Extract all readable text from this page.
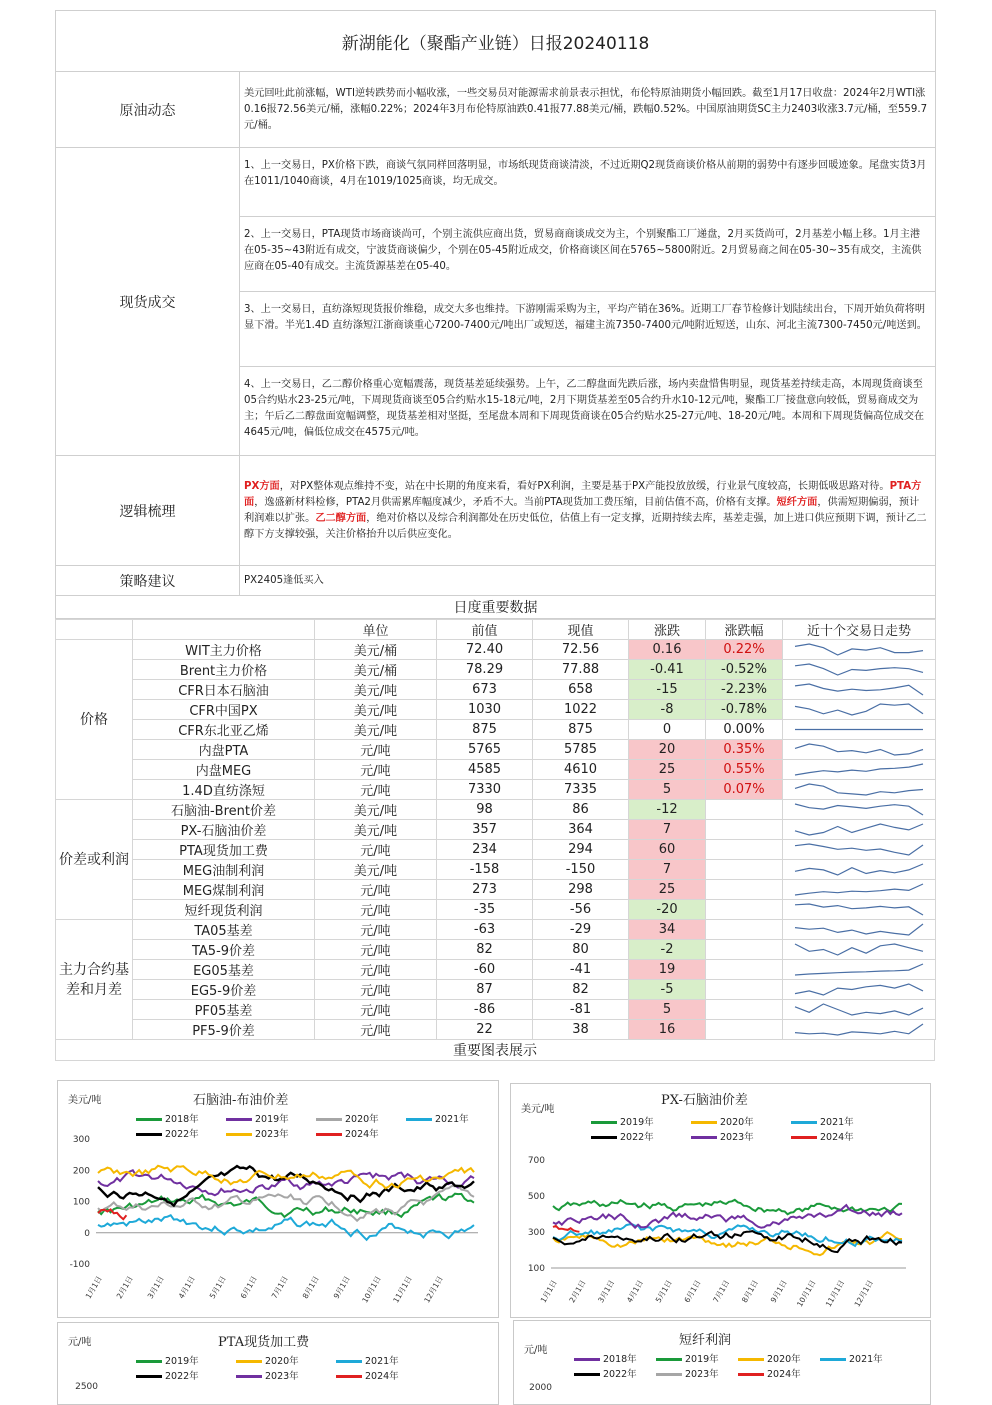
新湖能化（聚酯产业链）日报20240118	
原油动态	美元回吐此前涨幅，WTI逆转跌势而小幅收涨，一些交易员对能源需求前景表示担忧，布伦特原油期货小幅回跌。截至1月17日收盘：2024年2月WTI涨0.16报72.56美元/桶，涨幅0.22%；2024年3月布伦特原油跌0.41报77.88美元/桶，跌幅0.52%。中国原油期货SC主力2403收涨3.7元/桶，至559.7元/桶。
现货成交	1、上一交易日，PX价格下跌，商谈气氛同样回落明显，市场纸现货商谈清淡，不过近期Q2现货商谈价格从前期的弱势中有逐步回暖迹象。尾盘实货3月在1011/1040商谈，4月在1019/1025商谈，均无成交。
2、上一交易日，PTA现货市场商谈尚可，个别主流供应商出货，贸易商商谈成交为主，个别聚酯工厂递盘，2月买货尚可，2月基差小幅上移。1月主港在05-35~43附近有成交，宁波货商谈偏少，个别在05-45附近成交，价格商谈区间在5765~5800附近。2月贸易商之间在05-30~35有成交，主流供应商在05-40有成交。主流货源基差在05-40。
3、上一交易日，直纺涤短现货报价维稳，成交大多也维持。下游刚需采购为主，平均产销在36%。近期工厂春节检修计划陆续出台，下周开始负荷将明显下滑。半光1.4D 直纺涤短江浙商谈重心7200-7400元/吨出厂或短送，福建主流7350-7400元/吨附近短送，山东、河北主流7300-7450元/吨送到。
4、上一交易日，乙二醇价格重心宽幅震荡，现货基差延续强势。上午，乙二醇盘面先跌后涨，场内卖盘惜售明显，现货基差持续走高，本周现货商谈至05合约贴水23-25元/吨，下周现货商谈至05合约贴水15-18元/吨，2月下期货基差至05合约升水10-12元/吨，聚酯工厂接盘意向较低，贸易商成交为主；午后乙二醇盘面宽幅调整，现货基差相对坚挺，至尾盘本周和下周现货商谈在05合约贴水25-27元/吨、18-20元/吨。本周和下周现货偏高位成交在4645元/吨，偏低位成交在4575元/吨。

逻辑梳理	PX方面，对PX整体观点维持不变，站在中长期的角度来看，看好PX利润，主要是基于PX产能投放放缓，行业景气度较高，长期低吸思路对待。PTA方面，逸盛新材料检修，PTA2月供需累库幅度减少，矛盾不大。当前PTA现货加工费压缩，目前估值不高，价格有支撑。短纤方面，供需短期偏弱，预计利润难以扩张。乙二醇方面，绝对价格以及综合利润都处在历史低位，估值上有一定支撑，近期持续去库，基差走强，加上进口供应预期下调，预计乙二醇下方支撑较强，关注价格抬升以后供应变化。
策略建议	PX2405逢低买入
日度重要数据	
		单位	前值	现值	涨跌	涨跌幅	近十个交易日走势
价格	WIT主力价格	美元/桶	72.40	72.56	0.16	0.22%	

	Brent主力价格	美元/桶	78.29	77.88	-0.41	-0.52%	

	CFR日本石脑油	美元/吨	673	658	-15	-2.23%	

	CFR中国PX	美元/吨	1030	1022	-8	-0.78%	

	CFR东北亚乙烯	美元/吨	875	875	0	0.00%	

	内盘PTA	元/吨	5765	5785	20	0.35%	

	内盘MEG	元/吨	4585	4610	25	0.55%	

	1.4D直纺涤短	元/吨	7330	7335	5	0.07%	

价差或利润	石脑油-Brent价差	美元/吨	98	86	-12		

	PX-石脑油价差	美元/吨	357	364	7		

	PTA现货加工费	元/吨	234	294	60		

	MEG油制利润	美元/吨	-158	-150	7		

	MEG煤制利润	元/吨	273	298	25		

	短纤现货利润	元/吨	-35	-56	-20		

主力合约基差和月差	TA05基差	元/吨	-63	-29	34		

	TA5-9价差	元/吨	82	80	-2		

	EG05基差	元/吨	-60	-41	19		

	EG5-9价差	元/吨	87	82	-5		

	PF05基差	元/吨	-86	-81	5		

	PF5-9价差	元/吨	22	38	16		
重要图表展示
300
200
100
0
-100
1月1日 2月1日 3月1日 4月1日 5月1日 6月1日 7月1日 8月1日 9月1日 10月1日 11月1日 12月1日
石脑油-布油价差
美元/吨
2018年	2019年	2020年	2021年
2022年	2023年	2024年
700
500
300
100
1月1日 2月1日 3月1日 4月1日 5月1日 6月1日 7月1日 8月1日 9月1日 10月1日 11月1日 12月1日
PX-石脑油价差
美元/吨
2019年	2020年	2021年
2022年	2023年	2024年
2500
PTA现货加工费
元/吨
2019年	2020年	2021年
2022年	2023年	2024年
2000
短纤利润
元/吨
2018年	2019年	2020年	2021年
2022年	2023年	2024年
